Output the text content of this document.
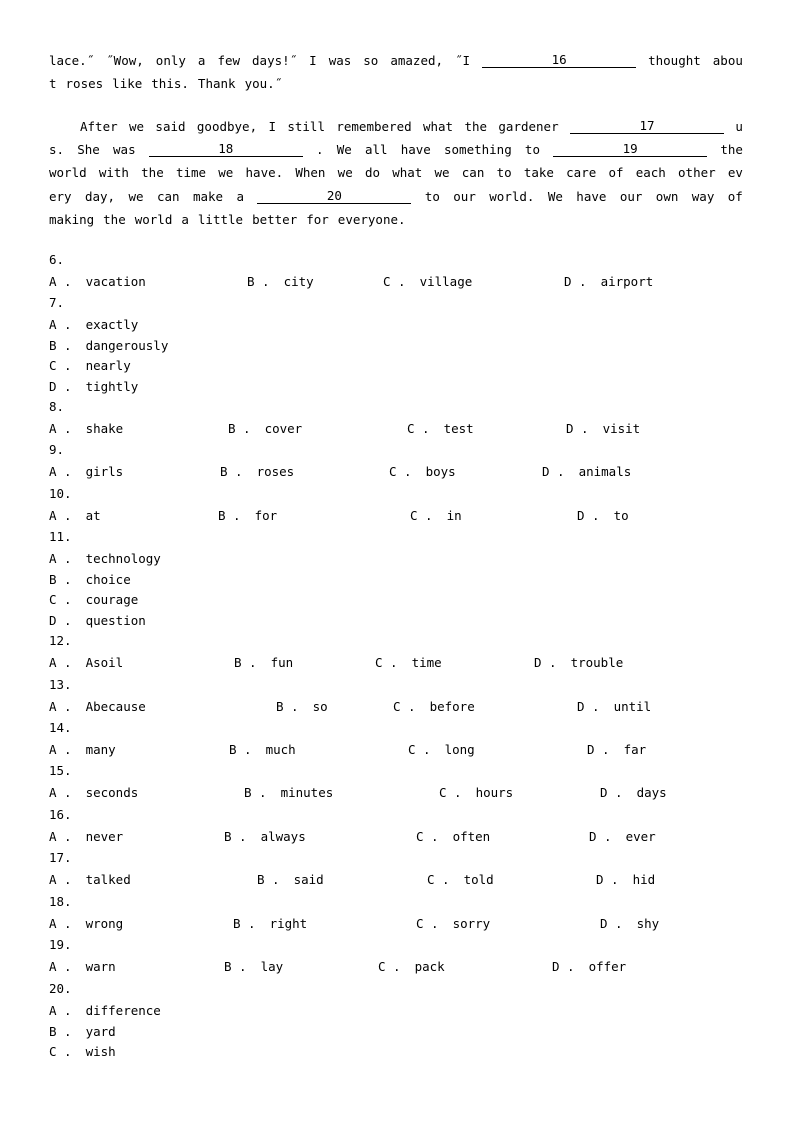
lace.˝ ˝Wow, only a few days!˝ I was so amazed, ˝I	16	thought abou
t roses like this. Thank you.˝
After we said goodbye, I still remembered what the gardener	17	u
s. She was	18	. We all have something to	19	the
world with the time we have. When we do what we can to take care of each other ev
ery day, we can make a	20	to our world. We have our own way of
making the world a little better for everyone.
6.
A . vacation	B . city	C . village	D . airport
7.
A . exactly
B . dangerously
C . nearly
D . tightly
8.
A . shake	B . cover	C . test	D . visit
9.
A . girls	B . roses	C . boys	D . animals
10.
A . at	B . for	C . in	D . to
11.
A . technology
B . choice
C . courage
D . question
12.
A . Asoil	B . fun	C . time	D . trouble
13.
A . Abecause	B . so	C . before	D . until
14.
A . many	B . much	C . long	D . far
15.
A . seconds	B . minutes	C . hours	D . days
16.
A . never	B . always	C . often	D . ever
17.
A . talked	B . said	C . told	D . hid
18.
A . wrong	B . right	C . sorry	D . shy
19.
A . warn	B . lay	C . pack	D . offer
20.
A . difference
B . yard
C . wish
